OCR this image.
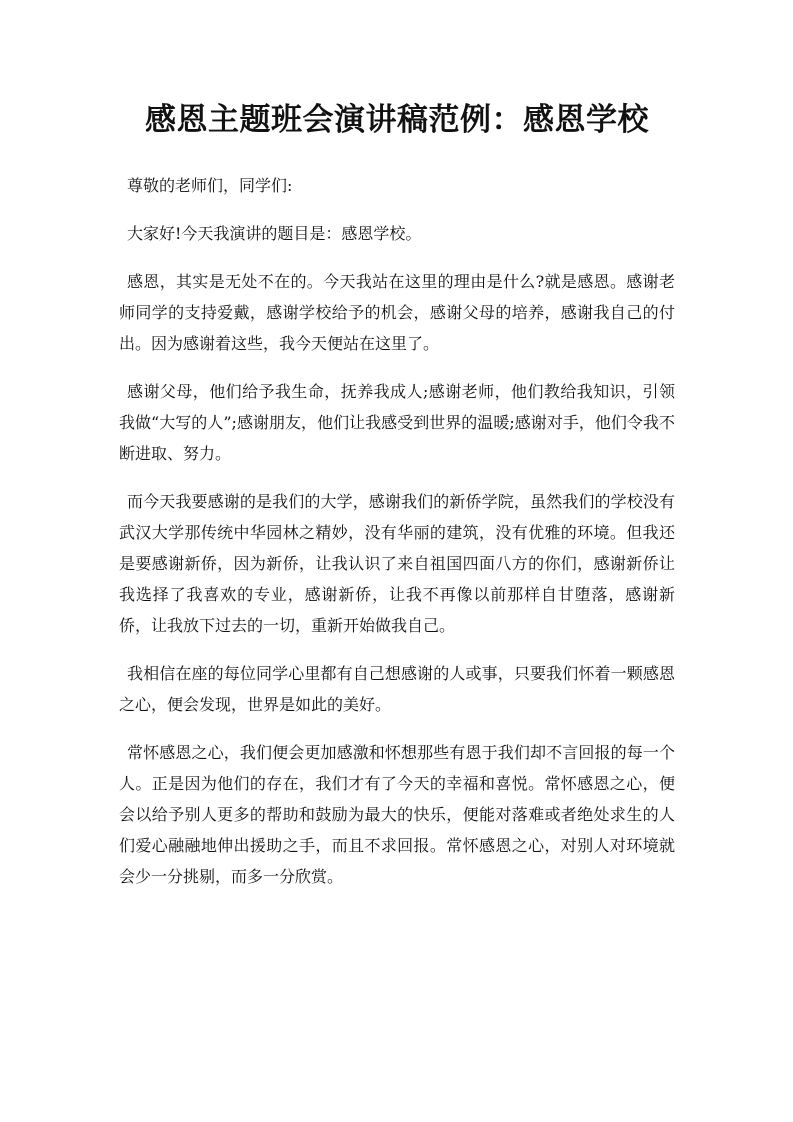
感恩主题班会演讲稿范例：感恩学校

尊敬的老师们，同学们:

大家好!今天我演讲的题目是：感恩学校。

感恩，其实是无处不在的。今天我站在这里的理由是什么?就是感恩。感谢老师同学的支持爱戴，感谢学校给予的机会，感谢父母的培养，感谢我自己的付出。因为感谢着这些，我今天便站在这里了。

感谢父母，他们给予我生命，抚养我成人;感谢老师，他们教给我知识，引领我做“大写的人”;感谢朋友，他们让我感受到世界的温暖;感谢对手，他们令我不断进取、努力。

而今天我要感谢的是我们的大学，感谢我们的新侨学院，虽然我们的学校没有武汉大学那传统中华园林之精妙，没有华丽的建筑，没有优雅的环境。但我还是要感谢新侨，因为新侨，让我认识了来自祖国四面八方的你们，感谢新侨让我选择了我喜欢的专业，感谢新侨，让我不再像以前那样自甘堕落，感谢新侨，让我放下过去的一切，重新开始做我自己。

我相信在座的每位同学心里都有自己想感谢的人或事，只要我们怀着一颗感恩之心，便会发现，世界是如此的美好。

常怀感恩之心，我们便会更加感激和怀想那些有恩于我们却不言回报的每一个人。正是因为他们的存在，我们才有了今天的幸福和喜悦。常怀感恩之心，便会以给予别人更多的帮助和鼓励为最大的快乐，便能对落难或者绝处求生的人们爱心融融地伸出援助之手，而且不求回报。常怀感恩之心，对别人对环境就会少一分挑剔，而多一分欣赏。
